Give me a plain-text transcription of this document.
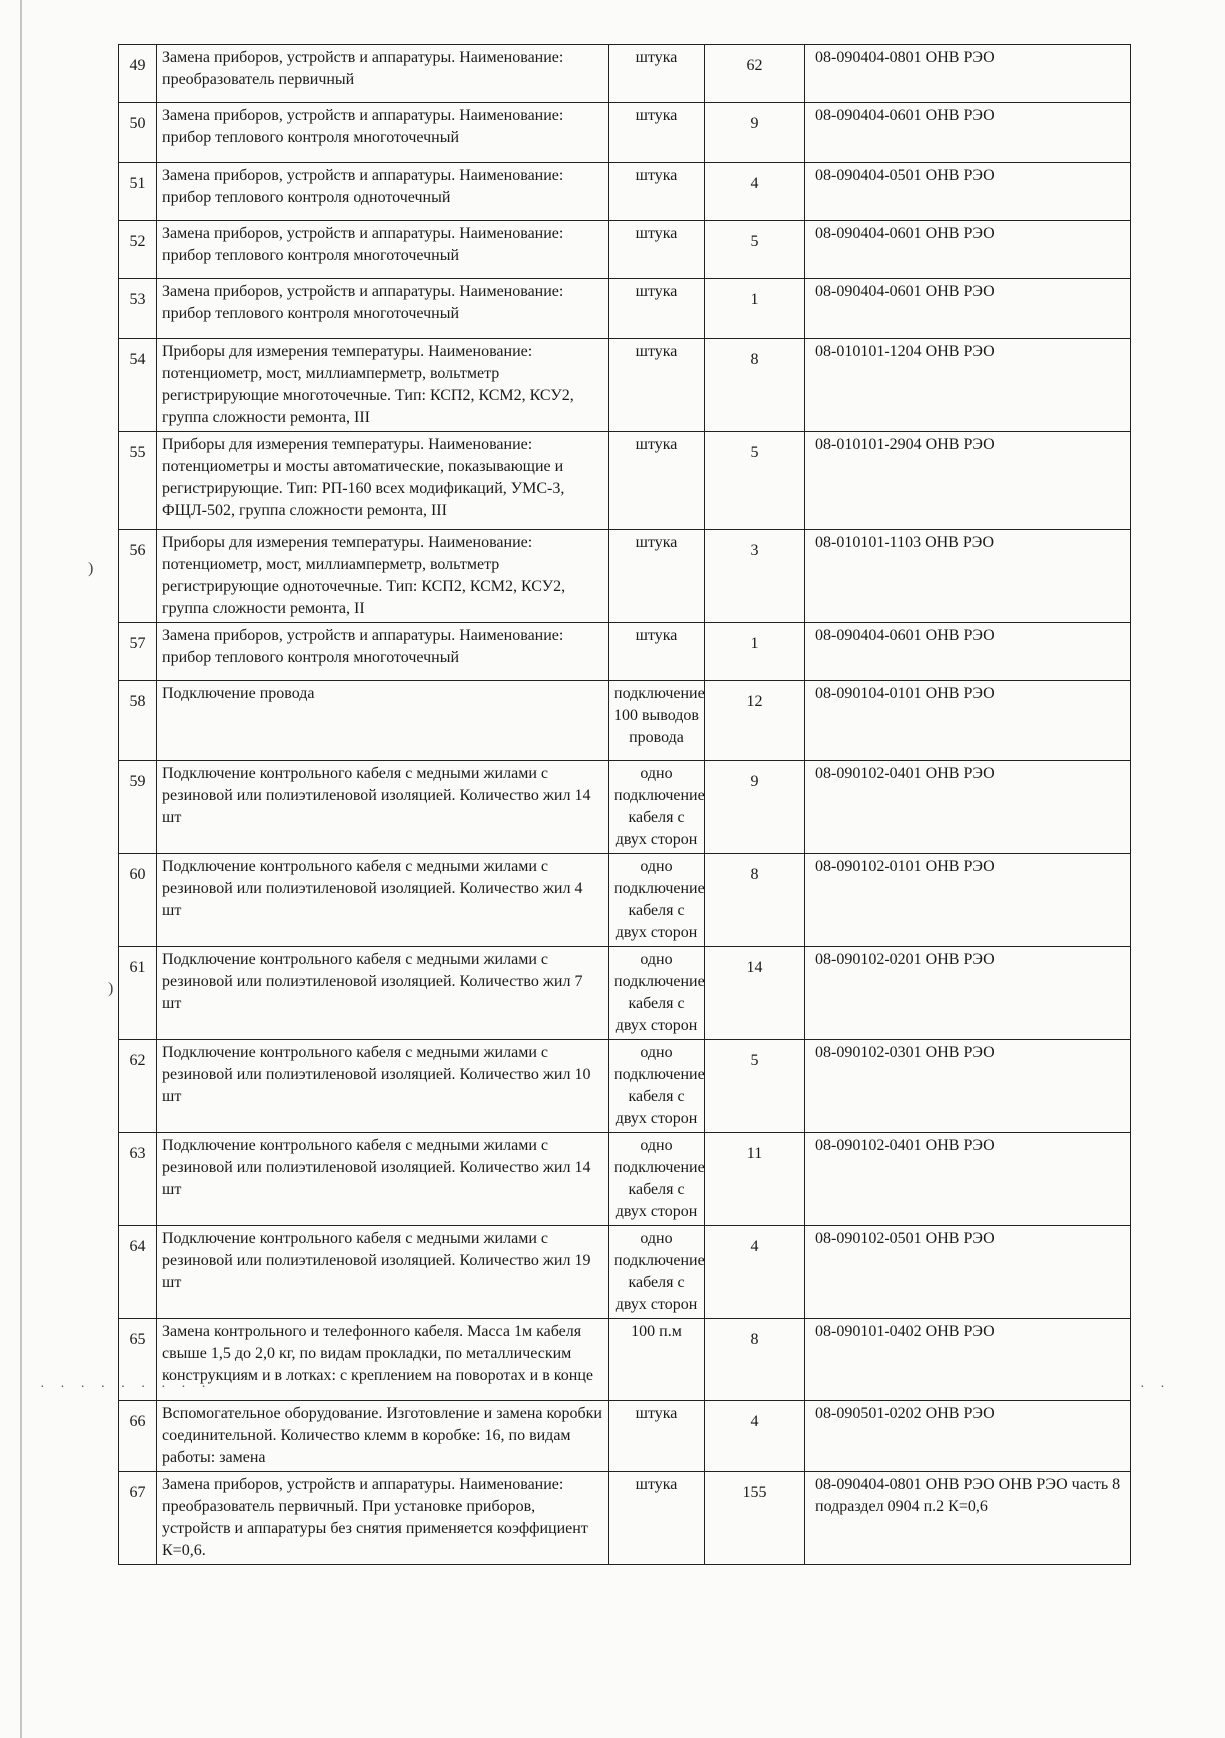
)
)
· · · · · · · · ·	· ·
49	Замена приборов, устройств и аппаратуры. Наименование: преобразователь первичный	штука	62	08-090404-0801 ОНВ РЭО
50	Замена приборов, устройств и аппаратуры. Наименование: прибор теплового контроля многоточечный	штука	9	08-090404-0601 ОНВ РЭО
51	Замена приборов, устройств и аппаратуры. Наименование: прибор теплового контроля одноточечный	штука	4	08-090404-0501 ОНВ РЭО
52	Замена приборов, устройств и аппаратуры. Наименование: прибор теплового контроля многоточечный	штука	5	08-090404-0601 ОНВ РЭО
53	Замена приборов, устройств и аппаратуры. Наименование: прибор теплового контроля многоточечный	штука	1	08-090404-0601 ОНВ РЭО
54	Приборы для измерения температуры. Наименование: потенциометр, мост, миллиамперметр, вольтметр регистрирующие многоточечные. Тип: КСП2, КСМ2, КСУ2, группа сложности ремонта, III	штука	8	08-010101-1204 ОНВ РЭО
55	Приборы для измерения температуры. Наименование: потенциометры и мосты автоматические, показывающие и регистрирующие. Тип: РП-160 всех модификаций, УМС-3, ФЩЛ-502, группа сложности ремонта, III	штука	5	08-010101-2904 ОНВ РЭО
56	Приборы для измерения температуры. Наименование: потенциометр, мост, миллиамперметр, вольтметр регистрирующие одноточечные. Тип: КСП2, КСМ2, КСУ2, группа сложности ремонта, II	штука	3	08-010101-1103 ОНВ РЭО
57	Замена приборов, устройств и аппаратуры. Наименование: прибор теплового контроля многоточечный	штука	1	08-090404-0601 ОНВ РЭО
58	Подключение провода	подключение 100 выводов провода	12	08-090104-0101 ОНВ РЭО
59	Подключение контрольного кабеля с медными жилами с резиновой или полиэтиленовой изоляцией. Количество жил 14 шт	одно подключение кабеля с двух сторон	9	08-090102-0401 ОНВ РЭО
60	Подключение контрольного кабеля с медными жилами с резиновой или полиэтиленовой изоляцией. Количество жил 4 шт	одно подключение кабеля с двух сторон	8	08-090102-0101 ОНВ РЭО
61	Подключение контрольного кабеля с медными жилами с резиновой или полиэтиленовой изоляцией. Количество жил 7 шт	одно подключение кабеля с двух сторон	14	08-090102-0201 ОНВ РЭО
62	Подключение контрольного кабеля с медными жилами с резиновой или полиэтиленовой изоляцией. Количество жил 10 шт	одно подключение кабеля с двух сторон	5	08-090102-0301 ОНВ РЭО
63	Подключение контрольного кабеля с медными жилами с резиновой или полиэтиленовой изоляцией. Количество жил 14 шт	одно подключение кабеля с двух сторон	11	08-090102-0401 ОНВ РЭО
64	Подключение контрольного кабеля с медными жилами с резиновой или полиэтиленовой изоляцией. Количество жил 19 шт	одно подключение кабеля с двух сторон	4	08-090102-0501 ОНВ РЭО
65	Замена контрольного и телефонного кабеля. Масса 1м кабеля свыше 1,5 до 2,0 кг, по видам прокладки, по металлическим конструкциям и в лотках: с креплением на поворотах и в конце	100 п.м	8	08-090101-0402 ОНВ РЭО
66	Вспомогательное оборудование. Изготовление и замена коробки соединительной. Количество клемм в коробке: 16, по видам работы: замена	штука	4	08-090501-0202 ОНВ РЭО
67	Замена приборов, устройств и аппаратуры. Наименование: преобразователь первичный. При установке приборов, устройств и аппаратуры без снятия применяется коэффициент К=0,6.	штука	155	08-090404-0801 ОНВ РЭО ОНВ РЭО часть 8 подраздел 0904 п.2 К=0,6
